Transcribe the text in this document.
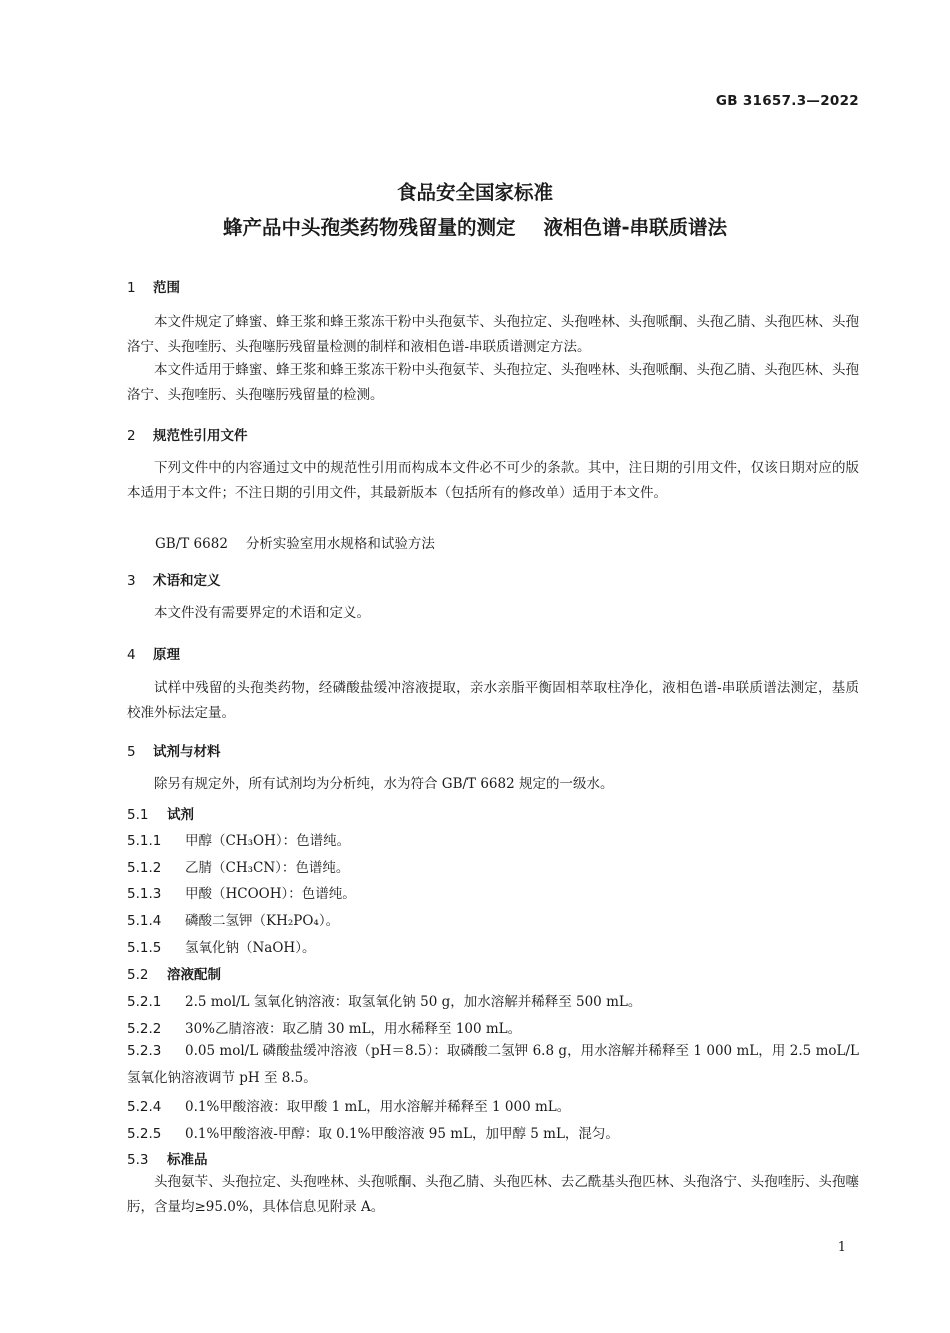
GB 31657.3—2022
食品安全国家标准
蜂产品中头孢类药物残留量的测定 液相色谱-串联质谱法
1 范围
本文件规定了蜂蜜、蜂王浆和蜂王浆冻干粉中头孢氨苄、头孢拉定、头孢唑林、头孢哌酮、头孢乙腈、头孢匹林、头孢洛宁、头孢喹肟、头孢噻肟残留量检测的制样和液相色谱-串联质谱测定方法。
本文件适用于蜂蜜、蜂王浆和蜂王浆冻干粉中头孢氨苄、头孢拉定、头孢唑林、头孢哌酮、头孢乙腈、头孢匹林、头孢洛宁、头孢喹肟、头孢噻肟残留量的检测。
2 规范性引用文件
下列文件中的内容通过文中的规范性引用而构成本文件必不可少的条款。其中，注日期的引用文件，仅该日期对应的版本适用于本文件；不注日期的引用文件，其最新版本（包括所有的修改单）适用于本文件。
GB/T 6682 分析实验室用水规格和试验方法
3 术语和定义
本文件没有需要界定的术语和定义。
4 原理
试样中残留的头孢类药物，经磷酸盐缓冲溶液提取，亲水亲脂平衡固相萃取柱净化，液相色谱-串联质谱法测定，基质校准外标法定量。
5 试剂与材料
除另有规定外，所有试剂均为分析纯，水为符合 GB/T 6682 规定的一级水。
5.1 试剂
5.1.1 甲醇（CH₃OH）：色谱纯。
5.1.2 乙腈（CH₃CN）：色谱纯。
5.1.3 甲酸（HCOOH）：色谱纯。
5.1.4 磷酸二氢钾（KH₂PO₄）。
5.1.5 氢氧化钠（NaOH）。
5.2 溶液配制
5.2.1 2.5 mol/L 氢氧化钠溶液：取氢氧化钠 50 g，加水溶解并稀释至 500 mL。
5.2.2 30%乙腈溶液：取乙腈 30 mL，用水稀释至 100 mL。
5.2.3 0.05 mol/L 磷酸盐缓冲溶液（pH＝8.5）：取磷酸二氢钾 6.8 g，用水溶解并稀释至 1 000 mL，用 2.5 moL/L 氢氧化钠溶液调节 pH 至 8.5。
5.2.4 0.1%甲酸溶液：取甲酸 1 mL，用水溶解并稀释至 1 000 mL。
5.2.5 0.1%甲酸溶液-甲醇：取 0.1%甲酸溶液 95 mL，加甲醇 5 mL，混匀。
5.3 标准品
头孢氨苄、头孢拉定、头孢唑林、头孢哌酮、头孢乙腈、头孢匹林、去乙酰基头孢匹林、头孢洛宁、头孢喹肟、头孢噻肟，含量均≥95.0%，具体信息见附录 A。
1
